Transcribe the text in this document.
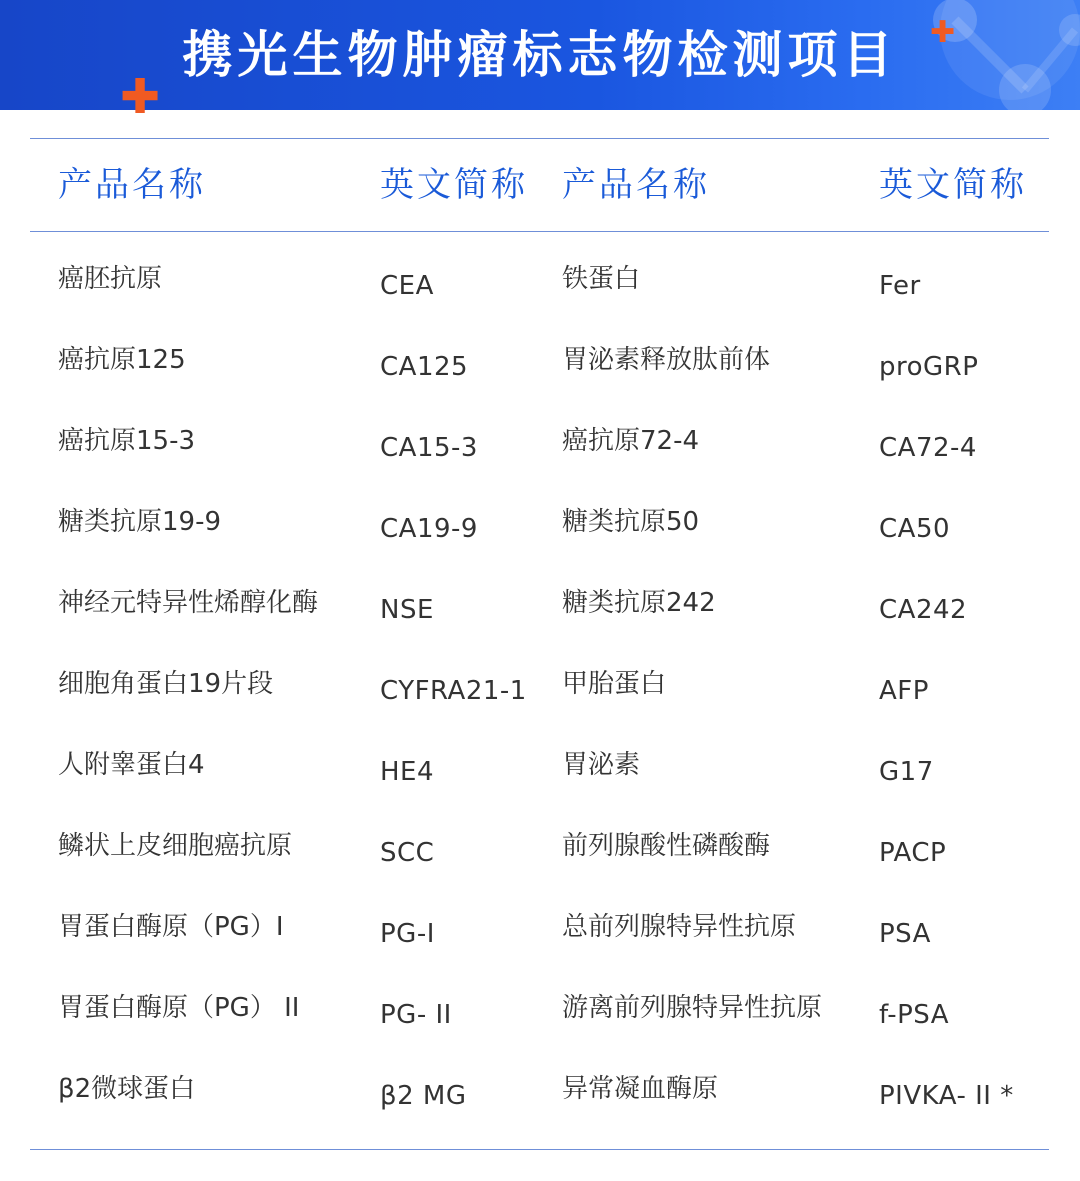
携光生物肿瘤标志物检测项目	✚
✚
产品名称	英文简称 产品名称	英文简称
癌胚抗原	CEA	铁蛋白	Fer
癌抗原125	CA125	胃泌素释放肽前体	proGRP
癌抗原15-3	CA15-3	癌抗原72-4	CA72-4
糖类抗原19-9	CA19-9	糖类抗原50	CA50
神经元特异性烯醇化酶 NSE	糖类抗原242	CA242
细胞角蛋白19片段	CYFRA21-1 甲胎蛋白	AFP
人附睾蛋白4	HE4	胃泌素	G17
鳞状上皮细胞癌抗原	SCC	前列腺酸性磷酸酶	PACP
胃蛋白酶原（PG）I	PG-I	总前列腺特异性抗原	PSA
胃蛋白酶原（PG） II	PG- II	游离前列腺特异性抗原 f-PSA
β2微球蛋白	β2 MG	异常凝血酶原	PIVKA- II *
